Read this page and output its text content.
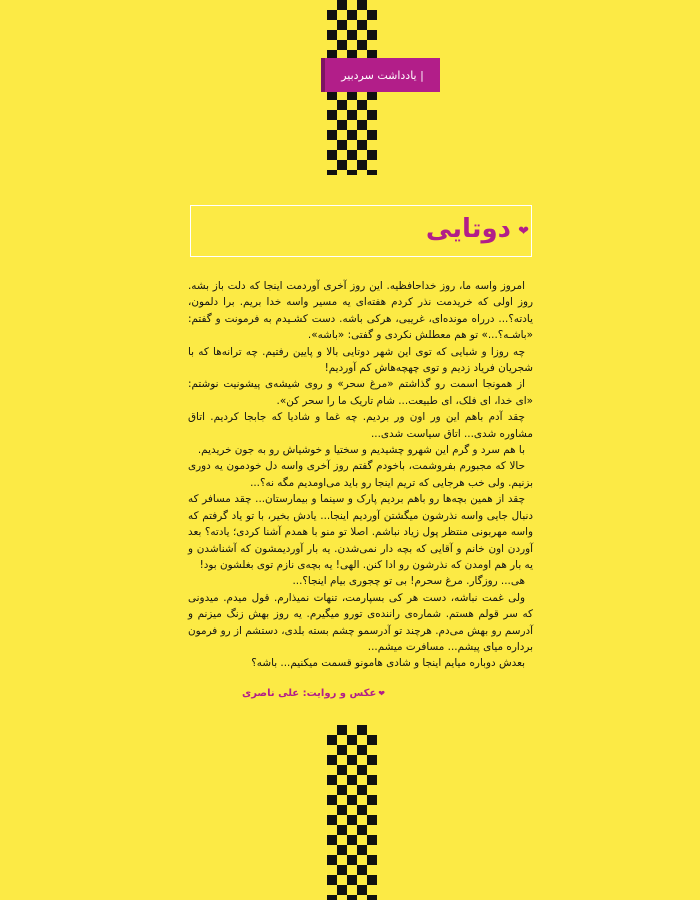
| یادداشت سردبیر
❤
دوتایی

امروز واسه ما، روز خداحافظیه. این روز آخری آوردمت اینجا که دلت باز بشه. روز اولی که خریدمت نذر کردم هفته‌ای یه مسیر واسه خدا بریم. برا دلمون، یادته؟... درراه مونده‌ای، غریبی، هرکی باشه. دست کشـیدم به فرمونت و گفتم: «باشـه؟...» تو هم معطلش نکردی و گفتی: «باشه».

چه روزا و شبایی که توی این شهر دوتایی بالا و پایین رفتیم. چه ترانه‌ها که با شجریان فریاد زدیم و توی چهچه‌هاش کم آوردیم!

از همونجا اسمت رو گذاشتم «مرغ سحر» و روی شیشه‌ی پیشونیت نوشتم: «ای خدا، ای فلک، ای طبیعت... شام تاریک ما را سحر کن».

چقد آدم باهم این ور اون ور بردیم. چه غما و شاد‌یا که جابجا کردیم. اتاق مشاوره شدی... اتاق سیاست شدی...

با هم سرد و گرم این شهرو چشیدیم و سختیا و خوشیاش رو به جون خریدیم.

حالا که مجبورم بفروشمت، باخودم گفتم روز آخری واسه دل خودمون یه دوری بزنیم. ولی خب هرجایی که تریم اینجا رو باید می‌اومدیم مگه نه؟...

چقد از همین بچه‌ها رو باهم بردیم پارک و سینما و بیمارستان... چقد مسافر که دنبال جایی واسه نذرشون میگشتن آوردیم اینجا... یادش بخیر، با تو یاد گرفتم که واسه مهربونی منتظر پول زیاد نباشم. اصلا تو منو با همدم آشنا کردی؛ یادته؟ بعد آوردن اون خانم و آقایی که بچه دار نمی‌شدن. یه بار آوردیمشون که آشناشدن و یه بار هم اومدن که نذرشون رو ادا کنن. الهی! یه بچه‌ی نازم توی بغلشون بود!

هی... روزگار. مرغ سحرم! بی تو چجوری بیام اینجا؟...

ولی غمت نباشه، دست هر کی بسپارمت، تنهات نمیذارم. قول میدم. میدونی که سر قولم هستم. شماره‌ی راننده‌ی تورو میگیرم. یه روز بهش زنگ میزنم و آدرسم رو بهش می‌دم. هرچند تو آدرسمو چشم بسته بلدی، دستشم از رو فرمون برداره میای پیشم... مسافرت میشم...

بعدش دوباره میایم اینجا و شادی هامونو قسمت میکنیم... باشه؟

❤عکس و روایت: علی ناصری
